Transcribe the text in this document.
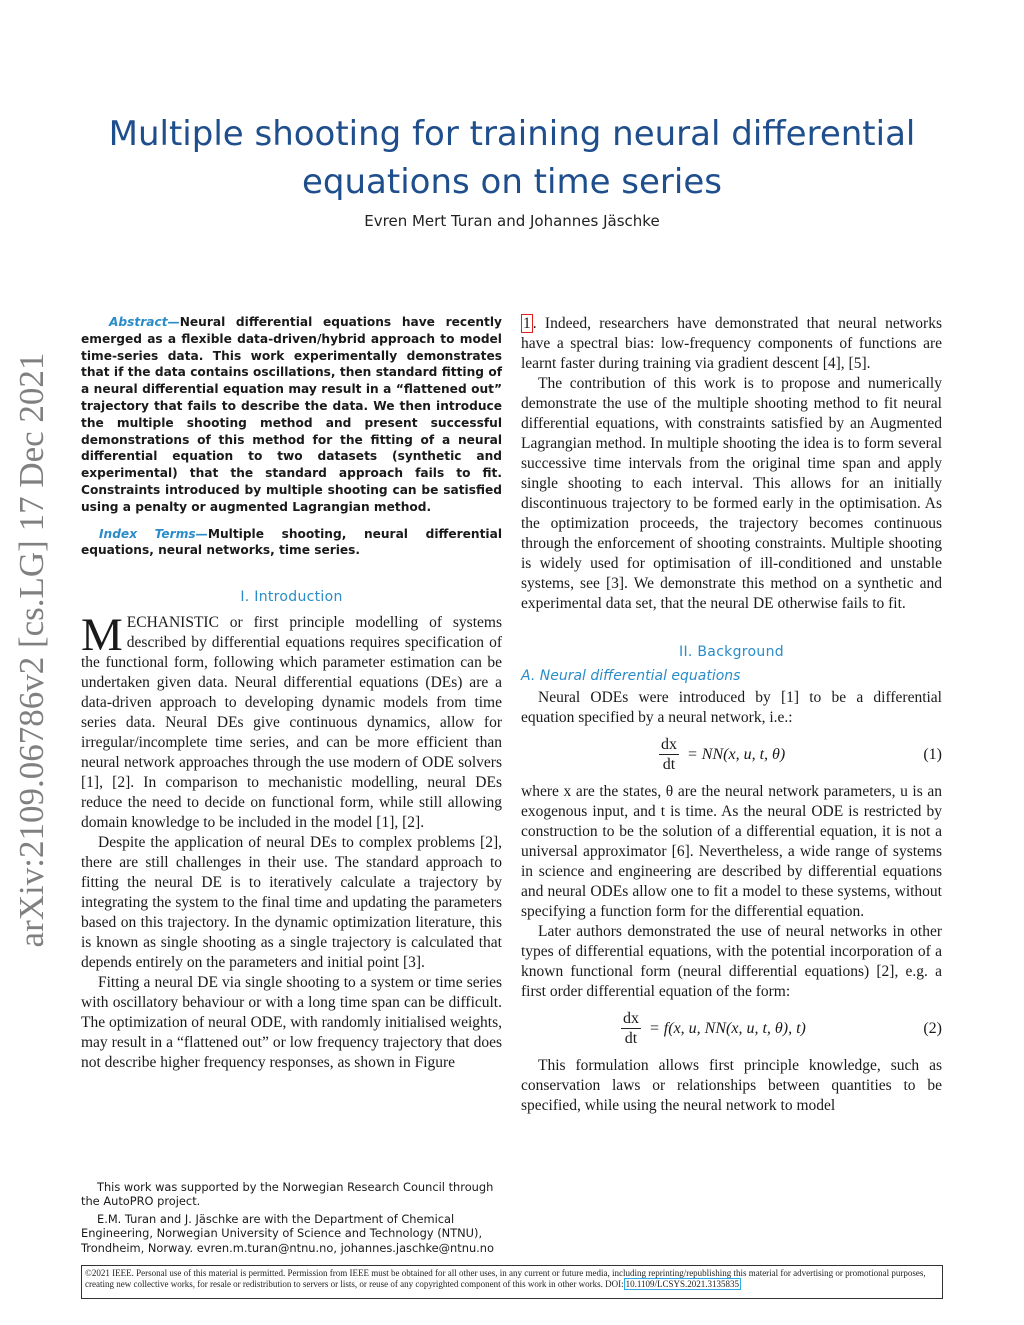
arXiv:2109.06786v2 [cs.LG] 17 Dec 2021
Multiple shooting for training neural differential equations on time series
Evren Mert Turan and Johannes Jäschke

Abstract—Neural differential equations have recently emerged as a flexible data-driven/hybrid approach to model time-series data. This work experimentally demonstrates that if the data contains oscillations, then standard fitting of a neural differential equation may result in a “flattened out” trajectory that fails to describe the data. We then introduce the multiple shooting method and present successful demonstrations of this method for the fitting of a neural differential equation to two datasets (synthetic and experimental) that the standard approach fails to fit. Constraints introduced by multiple shooting can be satisfied using a penalty or augmented Lagrangian method.

Index Terms—Multiple shooting, neural differential equations, neural networks, time series.

I. Introduction

MECHANISTIC or first principle modelling of systems described by differential equations requires specification of the functional form, following which parameter estimation can be undertaken given data. Neural differential equations (DEs) are a data-driven approach to developing dynamic models from time series data. Neural DEs give continuous dynamics, allow for irregular/incomplete time series, and can be more efficient than neural network approaches through the use modern of ODE solvers [1], [2]. In comparison to mechanistic modelling, neural DEs reduce the need to decide on functional form, while still allowing domain knowledge to be included in the model [1], [2].

Despite the application of neural DEs to complex problems [2], there are still challenges in their use. The standard approach to fitting the neural DE is to iteratively calculate a trajectory by integrating the system to the final time and updating the parameters based on this trajectory. In the dynamic optimization literature, this is known as single shooting as a single trajectory is calculated that depends entirely on the parameters and initial point [3].

Fitting a neural DE via single shooting to a system or time series with oscillatory behaviour or with a long time span can be difficult. The optimization of neural ODE, with randomly initialised weights, may result in a “flattened out” or low frequency trajectory that does not describe higher frequency responses, as shown in Figure

This work was supported by the Norwegian Research Council through the AutoPRO project.

E.M. Turan and J. Jäschke are with the Department of Chemical Engineering, Norwegian University of Science and Technology (NTNU), Trondheim, Norway. evren.m.turan@ntnu.no, johannes.jaschke@ntnu.no

1 . Indeed, researchers have demonstrated that neural networks have a spectral bias: low-frequency components of functions are learnt faster during training via gradient descent [4], [5].

The contribution of this work is to propose and numerically demonstrate the use of the multiple shooting method to fit neural differential equations, with constraints satisfied by an Augmented Lagrangian method. In multiple shooting the idea is to form several successive time intervals from the original time span and apply single shooting to each interval. This allows for an initially discontinuous trajectory to be formed early in the optimisation. As the optimization proceeds, the trajectory becomes continuous through the enforcement of shooting constraints. Multiple shooting is widely used for optimisation of ill-conditioned and unstable systems, see [3]. We demonstrate this method on a synthetic and experimental data set, that the neural DE otherwise fails to fit.

II. Background
A. Neural differential equations

Neural ODEs were introduced by [1] to be a differential equation specified by a neural network, i.e.:

$\frac{dx}{dt} = NN(x$, u, t, θ)	(1)

where x are the states, θ are the neural network parameters, u is an exogenous input, and t is time. As the neural ODE is restricted by construction to be the solution of a differential equation, it is not a universal approximator [6]. Nevertheless, a wide range of systems in science and engineering are described by differential equations and neural ODEs allow one to fit a model to these systems, without specifying a function form for the differential equation.

Later authors demonstrated the use of neural networks in other types of differential equations, with the potential incorporation of a known functional form (neural differential equations) [2], e.g. a first order differential equation of the form:

$\frac{dx}{dt} = f(x$, u, NN(x, u, t, θ), t)	(2)

This formulation allows first principle knowledge, such as conservation laws or relationships between quantities to be specified, while using the neural network to model

©2021 IEEE. Personal use of this material is permitted. Permission from IEEE must be obtained for all other uses, in any current or future media, including reprinting/republishing this material for advertising or promotional purposes, creating new collective works, for resale or redistribution to servers or lists, or reuse of any copyrighted component of this work in other works. DOI: 10.1109/LCSYS.2021.3135835
